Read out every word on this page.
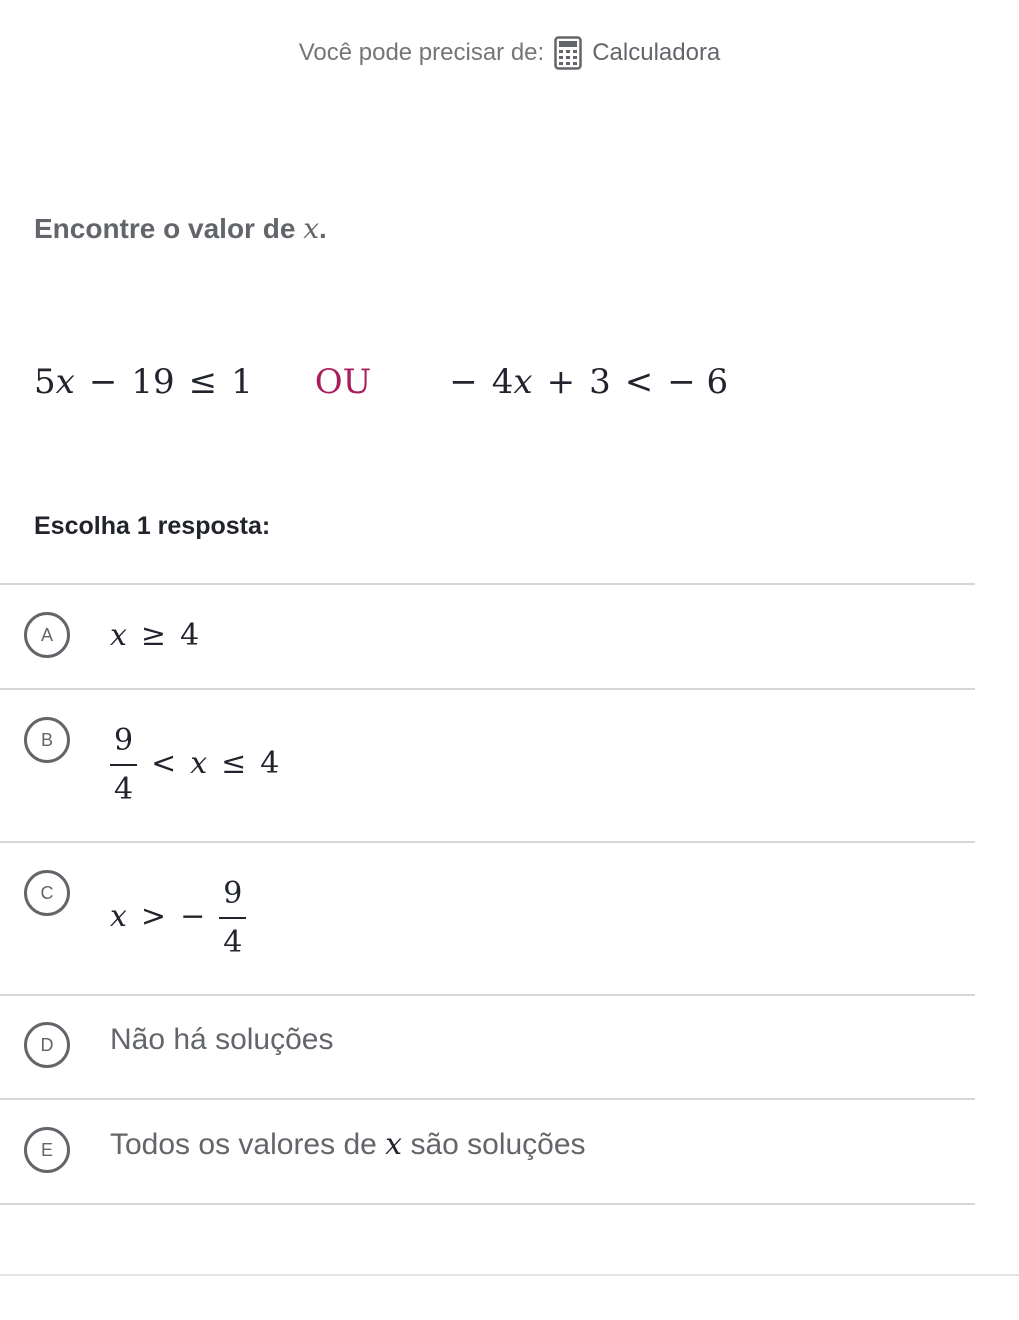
Você pode precisar de: Calculadora
Encontre o valor de x.
5x − 19 ≤ 1 OU − 4x + 3 < − 6
Escolha 1 resposta:
A	x ≥ 4
B	$\frac{9}{4} < x \le 4$
C
x > − $\frac{9}{4}$
D	Não há soluções
E	Todos os valores de x são soluções
